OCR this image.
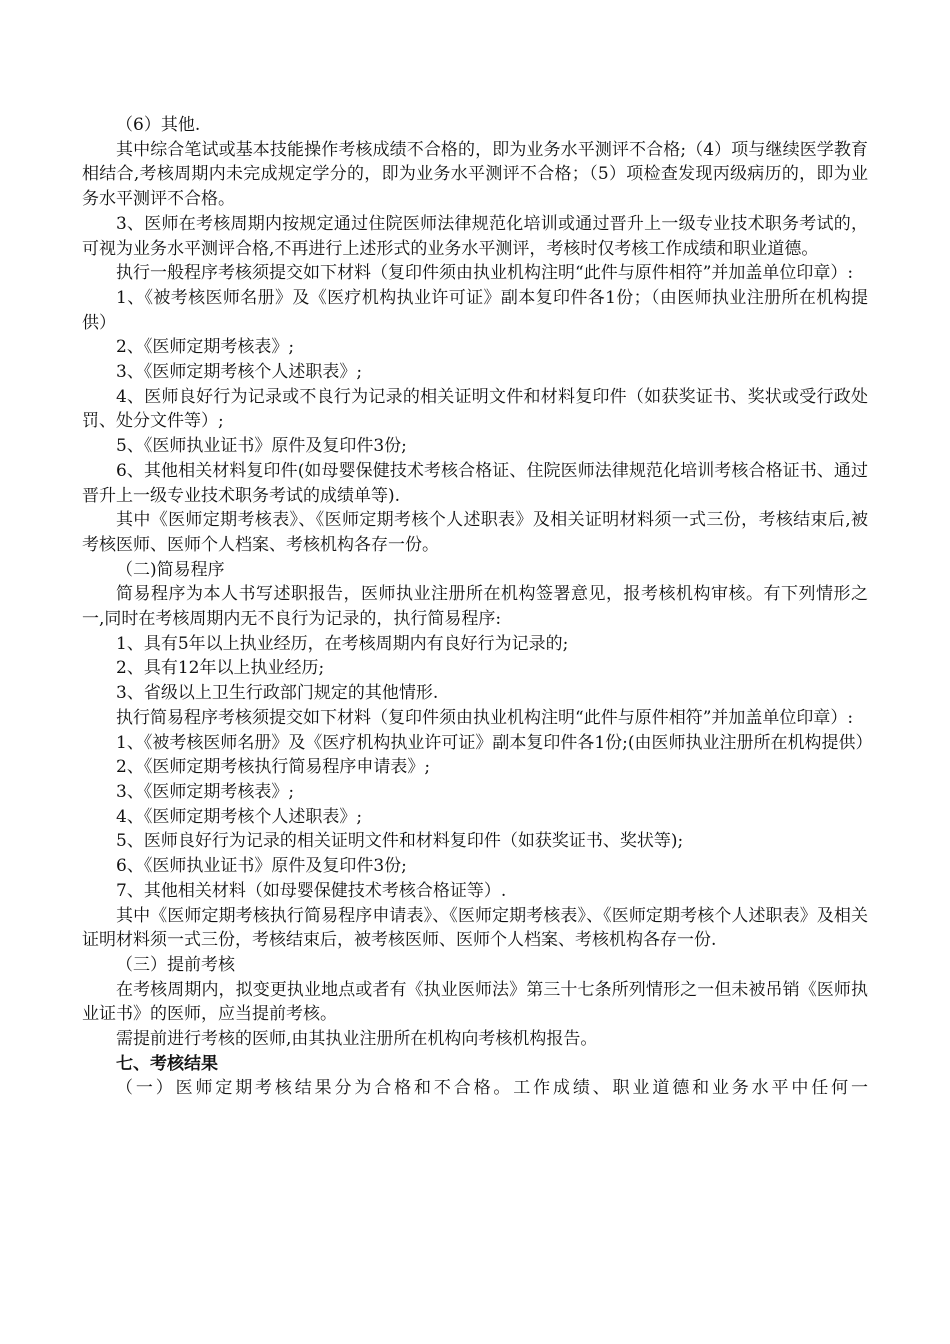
（6）其他.

其中综合笔试或基本技能操作考核成绩不合格的，即为业务水平测评不合格;（4）项与继续医学教育相结合,考核周期内未完成规定学分的，即为业务水平测评不合格；（5）项检查发现丙级病历的，即为业务水平测评不合格。

3、医师在考核周期内按规定通过住院医师法律规范化培训或通过晋升上一级专业技术职务考试的，可视为业务水平测评合格,不再进行上述形式的业务水平测评，考核时仅考核工作成绩和职业道德。

执行一般程序考核须提交如下材料（复印件须由执业机构注明“此件与原件相符”并加盖单位印章）:

1、《被考核医师名册》及《医疗机构执业许可证》副本复印件各1份；（由医师执业注册所在机构提供）

2、《医师定期考核表》;

3、《医师定期考核个人述职表》;

4、医师良好行为记录或不良行为记录的相关证明文件和材料复印件（如获奖证书、奖状或受行政处罚、处分文件等）;

5、《医师执业证书》原件及复印件3份;

6、其他相关材料复印件(如母婴保健技术考核合格证、住院医师法律规范化培训考核合格证书、通过晋升上一级专业技术职务考试的成绩单等).

其中《医师定期考核表》、《医师定期考核个人述职表》及相关证明材料须一式三份，考核结束后,被考核医师、医师个人档案、考核机构各存一份。

（二)简易程序

简易程序为本人书写述职报告，医师执业注册所在机构签署意见，报考核机构审核。有下列情形之一,同时在考核周期内无不良行为记录的，执行简易程序:

1、具有5年以上执业经历，在考核周期内有良好行为记录的;

2、具有12年以上执业经历;

3、省级以上卫生行政部门规定的其他情形.

执行简易程序考核须提交如下材料（复印件须由执业机构注明“此件与原件相符”并加盖单位印章）:

1、《被考核医师名册》及《医疗机构执业许可证》副本复印件各1份;(由医师执业注册所在机构提供）

2、《医师定期考核执行简易程序申请表》;

3、《医师定期考核表》;

4、《医师定期考核个人述职表》;

5、医师良好行为记录的相关证明文件和材料复印件（如获奖证书、奖状等);

6、《医师执业证书》原件及复印件3份;

7、其他相关材料（如母婴保健技术考核合格证等）.

其中《医师定期考核执行简易程序申请表》、《医师定期考核表》、《医师定期考核个人述职表》及相关证明材料须一式三份，考核结束后，被考核医师、医师个人档案、考核机构各存一份.

（三）提前考核

在考核周期内，拟变更执业地点或者有《执业医师法》第三十七条所列情形之一但未被吊销《医师执业证书》的医师，应当提前考核。

需提前进行考核的医师,由其执业注册所在机构向考核机构报告。

七、考核结果

（一）医师定期考核结果分为合格和不合格。工作成绩、职业道德和业务水平中任何一
